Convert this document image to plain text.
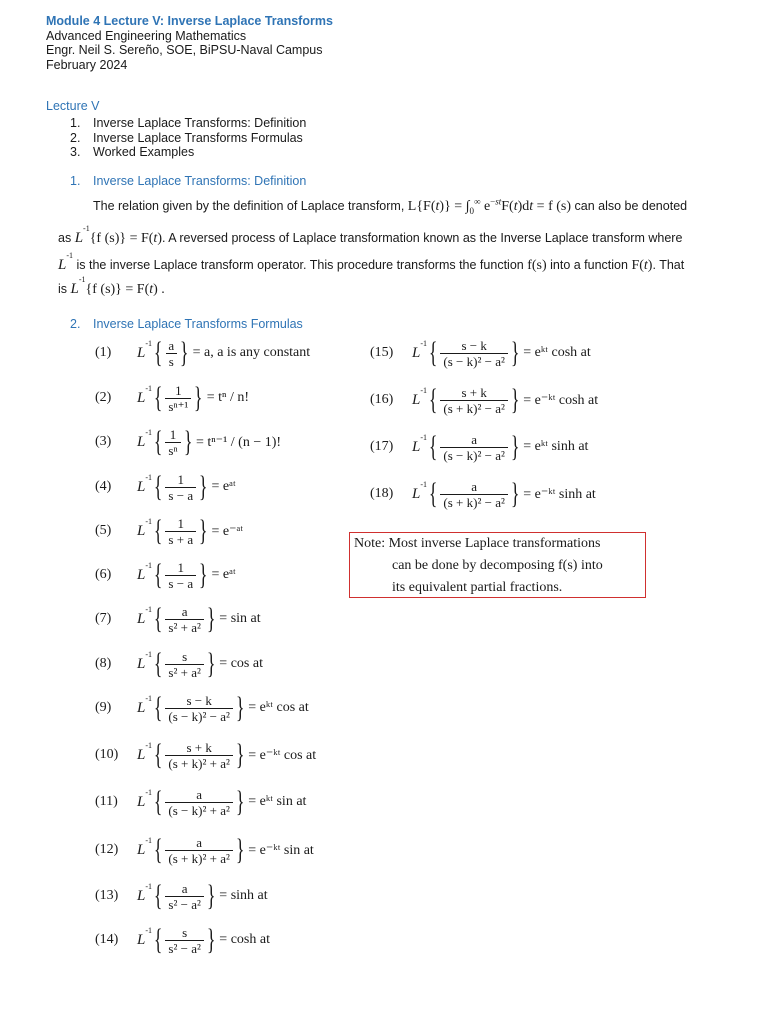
Module 4 Lecture V: Inverse Laplace Transforms
Advanced Engineering Mathematics
Engr. Neil S. Sereño, SOE, BiPSU-Naval Campus
February 2024
Lecture V
1. Inverse Laplace Transforms: Definition
2. Inverse Laplace Transforms Formulas
3. Worked Examples
1. Inverse Laplace Transforms: Definition
The relation given by the definition of Laplace transform, $L\{F(t)\} = \int_0^\infty$ $e^{-st}F(t)dt = f$ (s) can also be denoted
as $L^{-1}\{f$ (s)} = F(t). A reversed process of Laplace transformation known as the Inverse Laplace transform where
$L^{-1}$ is the inverse Laplace transform operator. This procedure transforms the function f(s) into a function F(t). That
is $L^{-1}\{f$ (s)} = F(t) .
2. Inverse Laplace Transforms Formulas
(1)	$L^{-1}$ { $\frac{a}{s}$ } = a, a is any constant
(2)	$L^{-1}$ { $\frac{1}{\text{sⁿ⁺¹}}$ } = tⁿ / n!
(3)	$L^{-1}$ { $\frac{1}{\text{sⁿ}}$ } = tⁿ⁻¹ / (n − 1)!
(4)	$L^{-1}$ { $\frac{1}{s - a}$ } = eᵃᵗ
(5)	$L^{-1}$ { $\frac{1}{s + a}$ } = e⁻ᵃᵗ
(6)	$L^{-1}$ { $\frac{1}{s - a}$ } = eᵃᵗ
(7)	$L^{-1}$ { $\frac{a}{\text{s² + a²}}$ } = sin at
(8)	$L^{-1}$ { $\frac{s}{\text{s² + a²}}$ } = cos at
(9)	$L^{-1}$ { $\frac{s - k}{\text{(s − k)² − a²}}$ } = eᵏᵗ cos at
(10)	$L^{-1}$ { $\frac{s + k}{\text{(s + k)² + a²}}$ } = e⁻ᵏᵗ cos at
(11)	$L^{-1}$ { $\frac{a}{\text{(s − k)² + a²}}$ } = eᵏᵗ sin at
(12)	$L^{-1}$ { $\frac{a}{\text{(s + k)² + a²}}$ } = e⁻ᵏᵗ sin at
(13)	$L^{-1}$ { $\frac{a}{\text{s² − a²}}$ } = sinh at
(14)	$L^{-1}$ { $\frac{s}{\text{s² − a²}}$ } = cosh at
(15)	$L^{-1}$ { $\frac{s - k}{\text{(s − k)² − a²}}$ } = eᵏᵗ cosh at
(16)	$L^{-1}$ { $\frac{s + k}{\text{(s + k)² − a²}}$ } = e⁻ᵏᵗ cosh at
(17)	$L^{-1}$ { $\frac{a}{\text{(s − k)² − a²}}$ } = eᵏᵗ sinh at
(18)	$L^{-1}$ { $\frac{a}{\text{(s + k)² − a²}}$ } = e⁻ᵏᵗ sinh at
Note: Most inverse Laplace transformations
can be done by decomposing f(s) into
its equivalent partial fractions.
